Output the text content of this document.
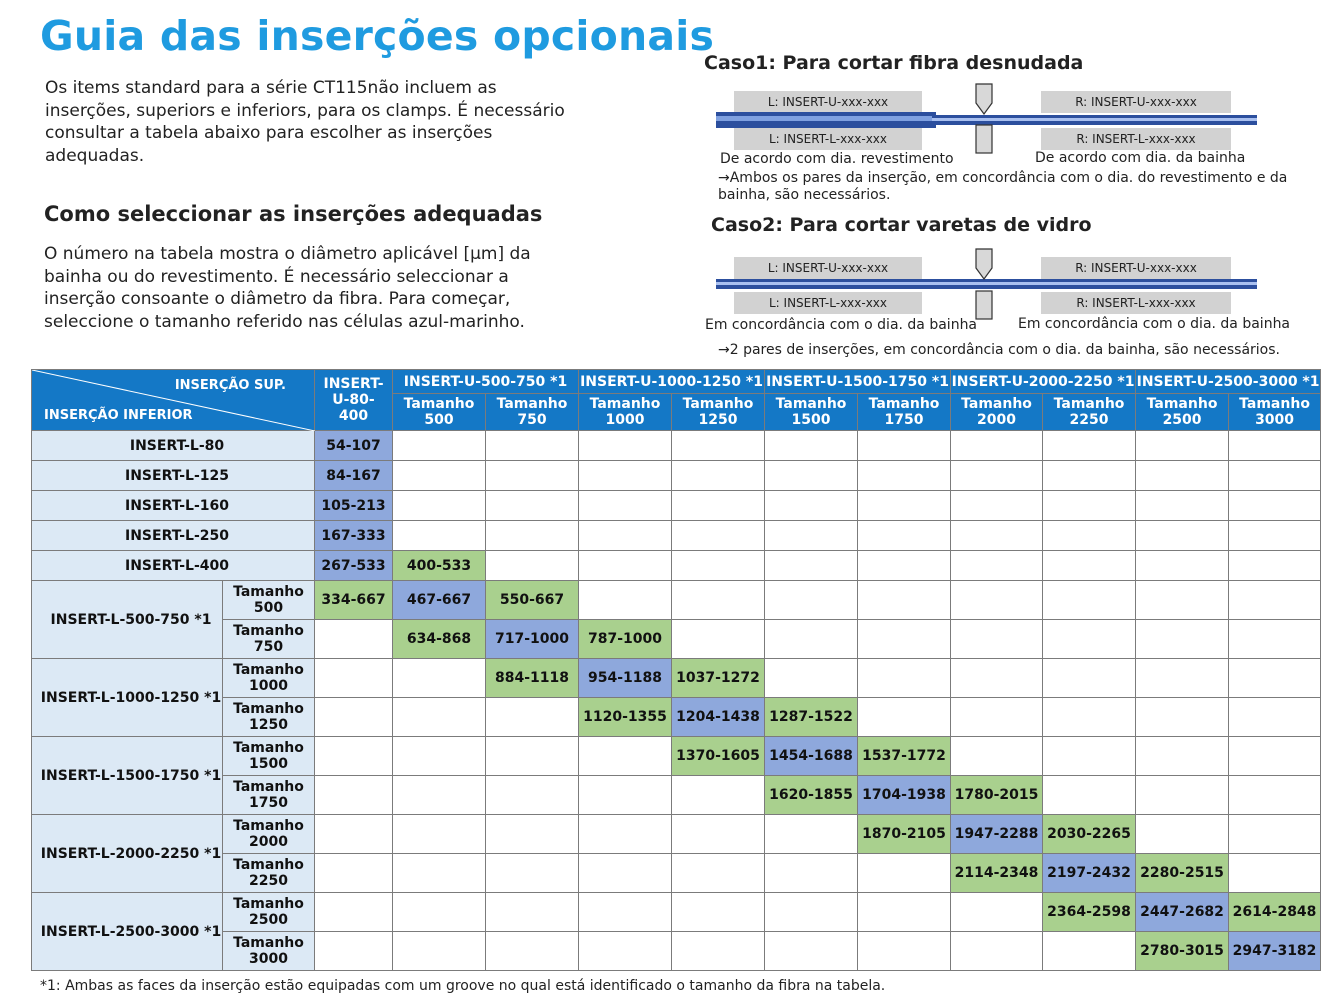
Guia das inserções opcionais
Os items standard para a série CT115não incluem as inserções, superiors e inferiors, para os clamps. É necessário consultar a tabela abaixo para escolher as inserções adequadas.
Como seleccionar as inserções adequadas
O número na tabela mostra o diâmetro aplicável [µm] da bainha ou do revestimento. É necessário seleccionar a inserção consoante o diâmetro da fibra. Para começar, seleccione o tamanho referido nas células azul-marinho.
Caso1: Para cortar fibra desnudada
L: INSERT-U-xxx-xxx	R: INSERT-U-xxx-xxx
L: INSERT-L-xxx-xxx	R: INSERT-L-xxx-xxx
De acordo com dia. revestimento	De acordo com dia. da bainha
→Ambos os pares da inserção, em concordância com o dia. do revestimento e da bainha, são necessários.
Caso2: Para cortar varetas de vidro
L: INSERT-U-xxx-xxx	R: INSERT-U-xxx-xxx
L: INSERT-L-xxx-xxx	R: INSERT-L-xxx-xxx
Em concordância com o dia. da bainha	Em concordância com o dia. da bainha
→2 pares de inserções, em concordância com o dia. da bainha, são necessários.
INSERÇÃO SUP.
INSERÇÃO INFERIOR		INSERT-U-80-400	INSERT-U-500-750 *1		INSERT-U-1000-1250 *1		INSERT-U-1500-1750 *1		INSERT-U-2000-2250 *1		INSERT-U-2500-3000 *1	
			Tamanho 500	Tamanho 750	Tamanho 1000	Tamanho 1250	Tamanho 1500	Tamanho 1750	Tamanho 2000	Tamanho 2250	Tamanho 2500	Tamanho 3000
INSERT-L-80		54-107										
INSERT-L-125		84-167										
INSERT-L-160		105-213										
INSERT-L-250		167-333										
INSERT-L-400		267-533	400-533									
INSERT-L-500-750 *1	Tamanho 500	334-667	467-667	550-667								
	Tamanho 750		634-868	717-1000	787-1000							
INSERT-L-1000-1250 *1	Tamanho 1000			884-1118	954-1188	1037-1272						
	Tamanho 1250				1120-1355	1204-1438	1287-1522					
INSERT-L-1500-1750 *1	Tamanho 1500					1370-1605	1454-1688	1537-1772				
	Tamanho 1750						1620-1855	1704-1938	1780-2015			
INSERT-L-2000-2250 *1	Tamanho 2000							1870-2105	1947-2288	2030-2265		
	Tamanho 2250								2114-2348	2197-2432	2280-2515	
INSERT-L-2500-3000 *1	Tamanho 2500									2364-2598	2447-2682	2614-2848
	Tamanho 3000										2780-3015	2947-3182
*1: Ambas as faces da inserção estão equipadas com um groove no qual está identificado o tamanho da fibra na tabela.
